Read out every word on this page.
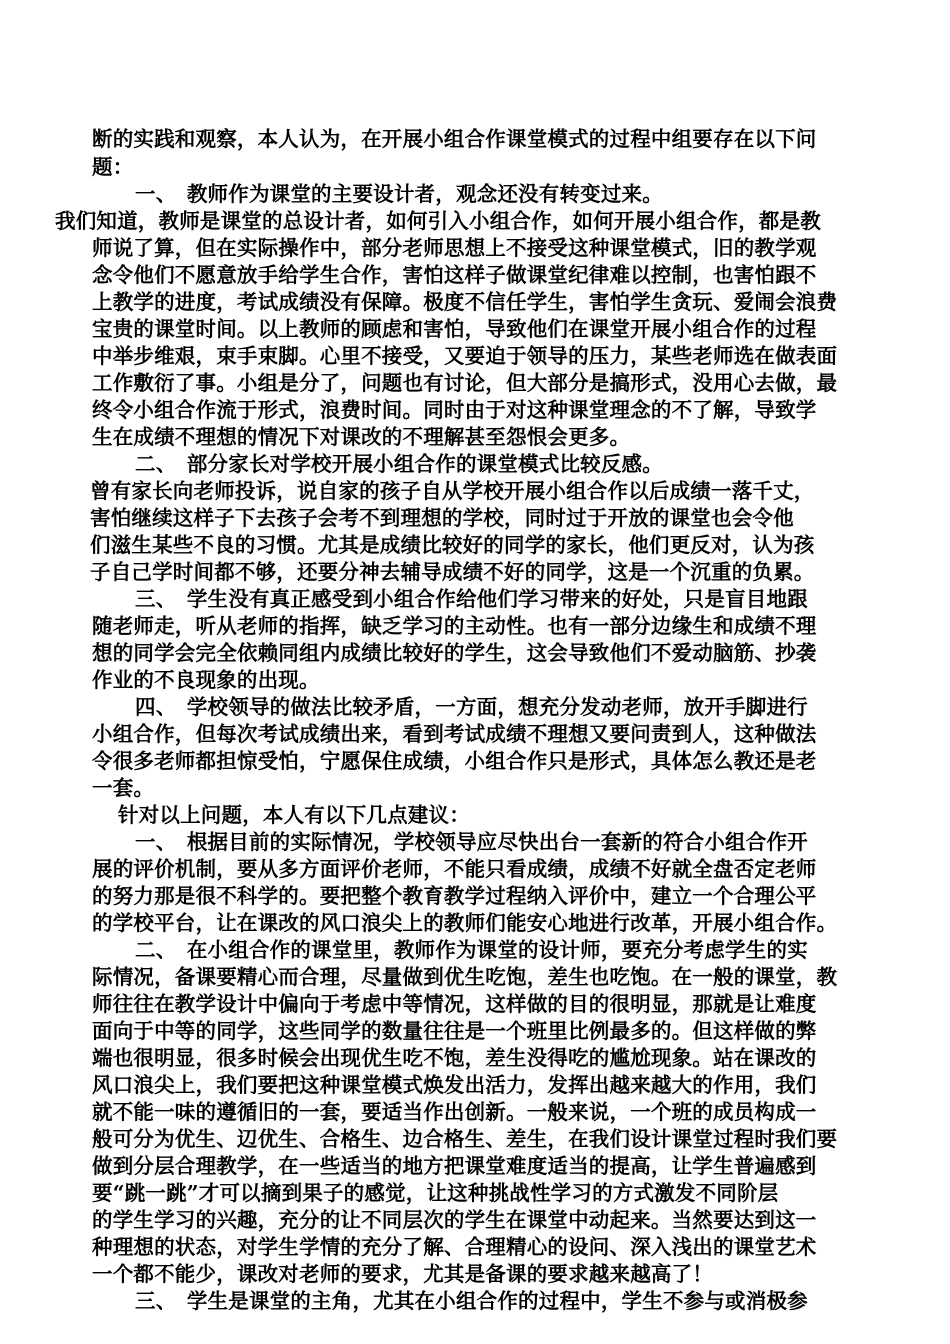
断的实践和观察，本人认为，在开展小组合作课堂模式的过程中组要存在以下问

题：

一、　教师作为课堂的主要设计者，观念还没有转变过来。

我们知道，教师是课堂的总设计者，如何引入小组合作，如何开展小组合作，都是教

师说了算，但在实际操作中，部分老师思想上不接受这种课堂模式，旧的教学观

念令他们不愿意放手给学生合作，害怕这样子做课堂纪律难以控制，也害怕跟不

上教学的进度，考试成绩没有保障。极度不信任学生，害怕学生贪玩、爱闹会浪费

宝贵的课堂时间。以上教师的顾虑和害怕，导致他们在课堂开展小组合作的过程

中举步维艰，束手束脚。心里不接受，又要迫于领导的压力，某些老师选在做表面

工作敷衍了事。小组是分了，问题也有讨论，但大部分是搞形式，没用心去做，最

终令小组合作流于形式，浪费时间。同时由于对这种课堂理念的不了解，导致学

生在成绩不理想的情况下对课改的不理解甚至怨恨会更多。

二、　部分家长对学校开展小组合作的课堂模式比较反感。

曾有家长向老师投诉，说自家的孩子自从学校开展小组合作以后成绩一落千丈，

害怕继续这样子下去孩子会考不到理想的学校，同时过于开放的课堂也会令他

们滋生某些不良的习惯。尤其是成绩比较好的同学的家长，他们更反对，认为孩

子自己学时间都不够，还要分神去辅导成绩不好的同学，这是一个沉重的负累。

三、　学生没有真正感受到小组合作给他们学习带来的好处，只是盲目地跟

随老师走，听从老师的指挥，缺乏学习的主动性。也有一部分边缘生和成绩不理

想的同学会完全依赖同组内成绩比较好的学生，这会导致他们不爱动脑筋、抄袭

作业的不良现象的出现。

四、　学校领导的做法比较矛盾，一方面，想充分发动老师，放开手脚进行

小组合作，但每次考试成绩出来，看到考试成绩不理想又要问责到人，这种做法

令很多老师都担惊受怕，宁愿保住成绩，小组合作只是形式，具体怎么教还是老

一套。

针对以上问题，本人有以下几点建议：

一、　根据目前的实际情况，学校领导应尽快出台一套新的符合小组合作开

展的评价机制，要从多方面评价老师，不能只看成绩，成绩不好就全盘否定老师

的努力那是很不科学的。要把整个教育教学过程纳入评价中，建立一个合理公平

的学校平台，让在课改的风口浪尖上的教师们能安心地进行改革，开展小组合作。

二、　在小组合作的课堂里，教师作为课堂的设计师，要充分考虑学生的实

际情况，备课要精心而合理，尽量做到优生吃饱，差生也吃饱。在一般的课堂，教

师往往在教学设计中偏向于考虑中等情况，这样做的目的很明显，那就是让难度

面向于中等的同学，这些同学的数量往往是一个班里比例最多的。但这样做的弊

端也很明显，很多时候会出现优生吃不饱，差生没得吃的尴尬现象。站在课改的

风口浪尖上，我们要把这种课堂模式焕发出活力，发挥出越来越大的作用，我们

就不能一味的遵循旧的一套，要适当作出创新。一般来说，一个班的成员构成一

般可分为优生、辺优生、合格生、边合格生、差生，在我们设计课堂过程时我们要

做到分层合理教学，在一些适当的地方把课堂难度适当的提高，让学生普遍感到

要“跳一跳”才可以摘到果子的感觉，让这种挑战性学习的方式激发不同阶层

的学生学习的兴趣，充分的让不同层次的学生在课堂中动起来。当然要达到这一

种理想的状态，对学生学情的充分了解、合理精心的设问、深入浅出的课堂艺术

一个都不能少，课改对老师的要求，尤其是备课的要求越来越高了！

三、　学生是课堂的主角，尤其在小组合作的过程中，学生不参与或消极参
